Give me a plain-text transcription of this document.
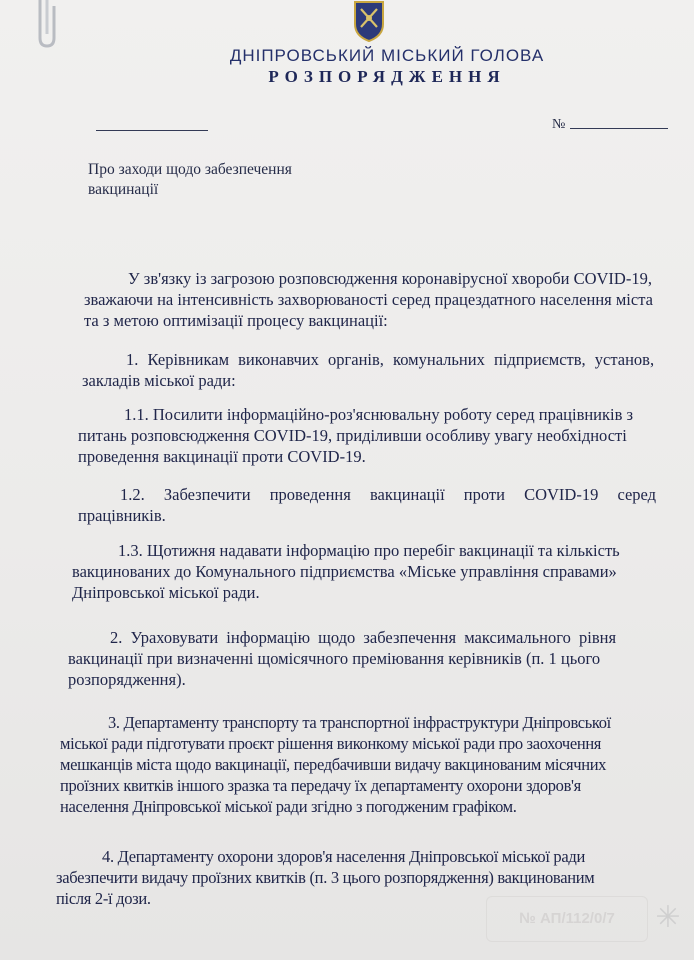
ДНІПРОВСЬКИЙ МІСЬКИЙ ГОЛОВА
РОЗПОРЯДЖЕННЯ
№
Про заходи щодо забезпечення
вакцинації
У зв'язку із загрозою розповсюдження коронавірусної хвороби COVID-19,
зважаючи на інтенсивність захворюваності серед працездатного населення міста
та з метою оптимізації процесу вакцинації:
1. Керівникам виконавчих органів, комунальних підприємств, установ,
закладів міської ради:
1.1. Посилити інформаційно-роз'яснювальну роботу серед працівників з
питань розповсюдження COVID-19, приділивши особливу увагу необхідності
проведення вакцинації проти COVID-19.
1.2. Забезпечити проведення вакцинації проти COVID-19 серед
працівників.
1.3. Щотижня надавати інформацію про перебіг вакцинації та кількість
вакцинованих до Комунального підприємства «Міське управління справами»
Дніпровської міської ради.
2. Ураховувати інформацію щодо забезпечення максимального рівня
вакцинації при визначенні щомісячного преміювання керівників (п. 1 цього
розпорядження).
3. Департаменту транспорту та транспортної інфраструктури Дніпровської
міської ради підготувати проєкт рішення виконкому міської ради про заохочення
мешканців міста щодо вакцинації, передбачивши видачу вакцинованим місячних
проїзних квитків іншого зразка та передачу їх департаменту охорони здоров'я
населення Дніпровської міської ради згідно з погодженим графіком.
4. Департаменту охорони здоров'я населення Дніпровської міської ради
забезпечити видачу проїзних квитків (п. 3 цього розпорядження) вакцинованим
після 2-ї дози.
№ АП/112/0/7	✳
